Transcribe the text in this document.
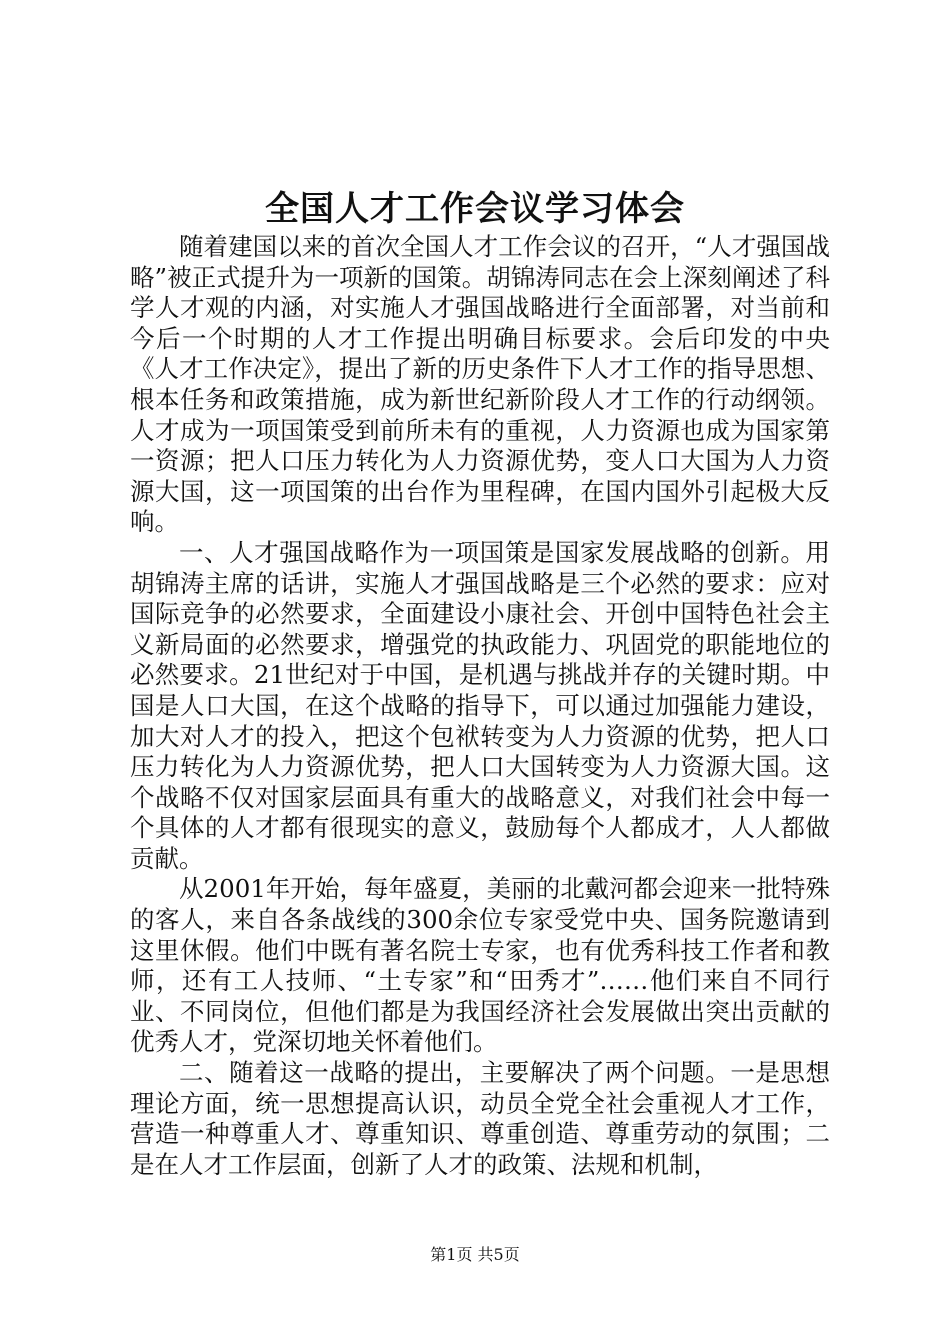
全国人才工作会议学习体会

随着建国以来的首次全国人才工作会议的召开，“人才强国战略”被正式提升为一项新的国策。胡锦涛同志在会上深刻阐述了科学人才观的内涵，对实施人才强国战略进行全面部署，对当前和今后一个时期的人才工作提出明确目标要求。会后印发的中央《人才工作决定》，提出了新的历史条件下人才工作的指导思想、根本任务和政策措施，成为新世纪新阶段人才工作的行动纲领。人才成为一项国策受到前所未有的重视，人力资源也成为国家第一资源；把人口压力转化为人力资源优势，变人口大国为人力资源大国，这一项国策的出台作为里程碑，在国内国外引起极大反响。

一、人才强国战略作为一项国策是国家发展战略的创新。用胡锦涛主席的话讲，实施人才强国战略是三个必然的要求：应对国际竞争的必然要求，全面建设小康社会、开创中国特色社会主义新局面的必然要求，增强党的执政能力、巩固党的职能地位的必然要求。21世纪对于中国，是机遇与挑战并存的关键时期。中国是人口大国，在这个战略的指导下，可以通过加强能力建设，加大对人才的投入，把这个包袱转变为人力资源的优势，把人口压力转化为人力资源优势，把人口大国转变为人力资源大国。这个战略不仅对国家层面具有重大的战略意义，对我们社会中每一个具体的人才都有很现实的意义，鼓励每个人都成才，人人都做贡献。

从2001年开始，每年盛夏，美丽的北戴河都会迎来一批特殊的客人，来自各条战线的300余位专家受党中央、国务院邀请到这里休假。他们中既有著名院士专家，也有优秀科技工作者和教师，还有工人技师、“土专家”和“田秀才”……他们来自不同行业、不同岗位，但他们都是为我国经济社会发展做出突出贡献的优秀人才，党深切地关怀着他们。

二、随着这一战略的提出，主要解决了两个问题。一是思想理论方面，统一思想提高认识，动员全党全社会重视人才工作，营造一种尊重人才、尊重知识、尊重创造、尊重劳动的氛围；二是在人才工作层面，创新了人才的政策、法规和机制，

第1页 共5页
